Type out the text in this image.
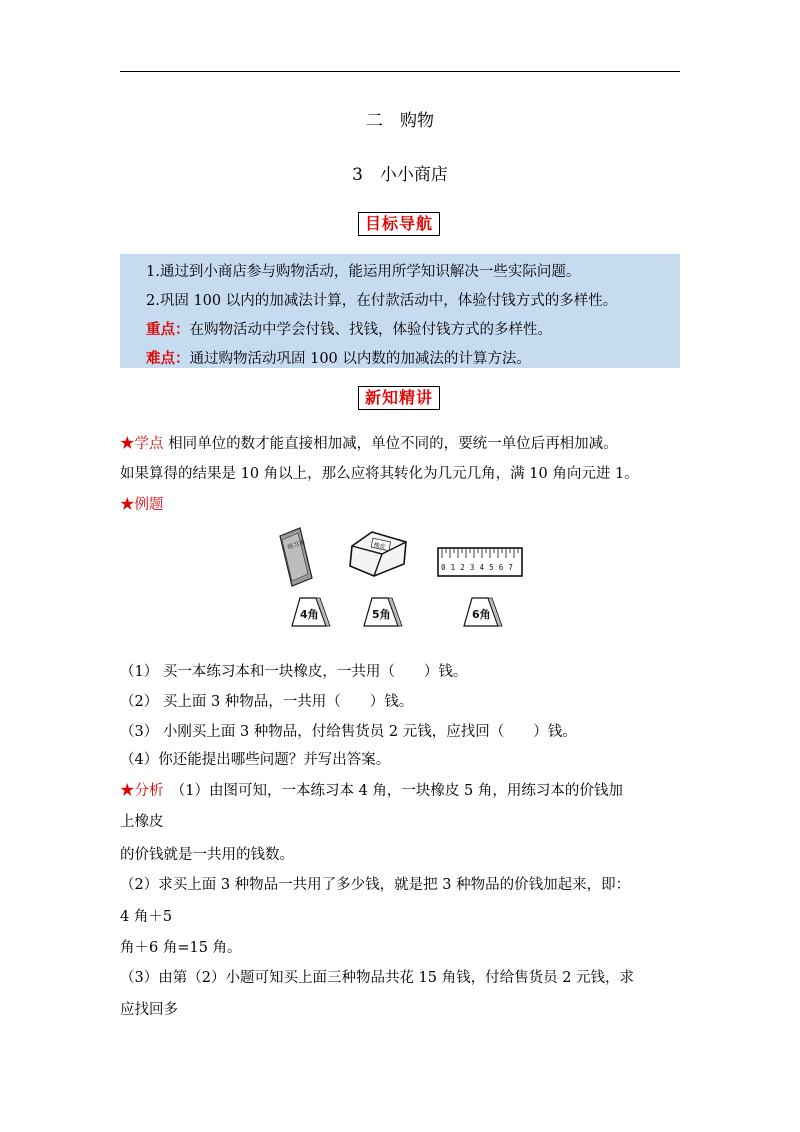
二　购物
3　小小商店
目标导航
1.通过到小商店参与购物活动，能运用所学知识解决一些实际问题。
2.巩固 100 以内的加减法计算，在付款活动中，体验付钱方式的多样性。
重点：在购物活动中学会付钱、找钱，体验付钱方式的多样性。
难点：通过购物活动巩固 100 以内数的加减法的计算方法。
新知精讲
★学点 相同单位的数才能直接相加减，单位不同的，要统一单位后再相加减。
如果算得的结果是 10 角以上，那么应将其转化为几元几角，满 10 角向元进 1。
★例题
练习本	橡皮
0 1 2 3 4 5 6 7
4角	5角	6角
（1） 买一本练习本和一块橡皮，一共用（　　）钱。
（2） 买上面 3 种物品，一共用（　　）钱。
（3） 小刚买上面 3 种物品，付给售货员 2 元钱，应找回（　　）钱。
（4）你还能提出哪些问题？并写出答案。
★分析　（1）由图可知，一本练习本 4 角，一块橡皮 5 角，用练习本的价钱加
上橡皮
的价钱就是一共用的钱数。
（2）求买上面 3 种物品一共用了多少钱，就是把 3 种物品的价钱加起来，即：
4 角＋5
角＋6 角=15 角。
（3）由第（2）小题可知买上面三种物品共花 15 角钱，付给售货员 2 元钱，求
应找回多
